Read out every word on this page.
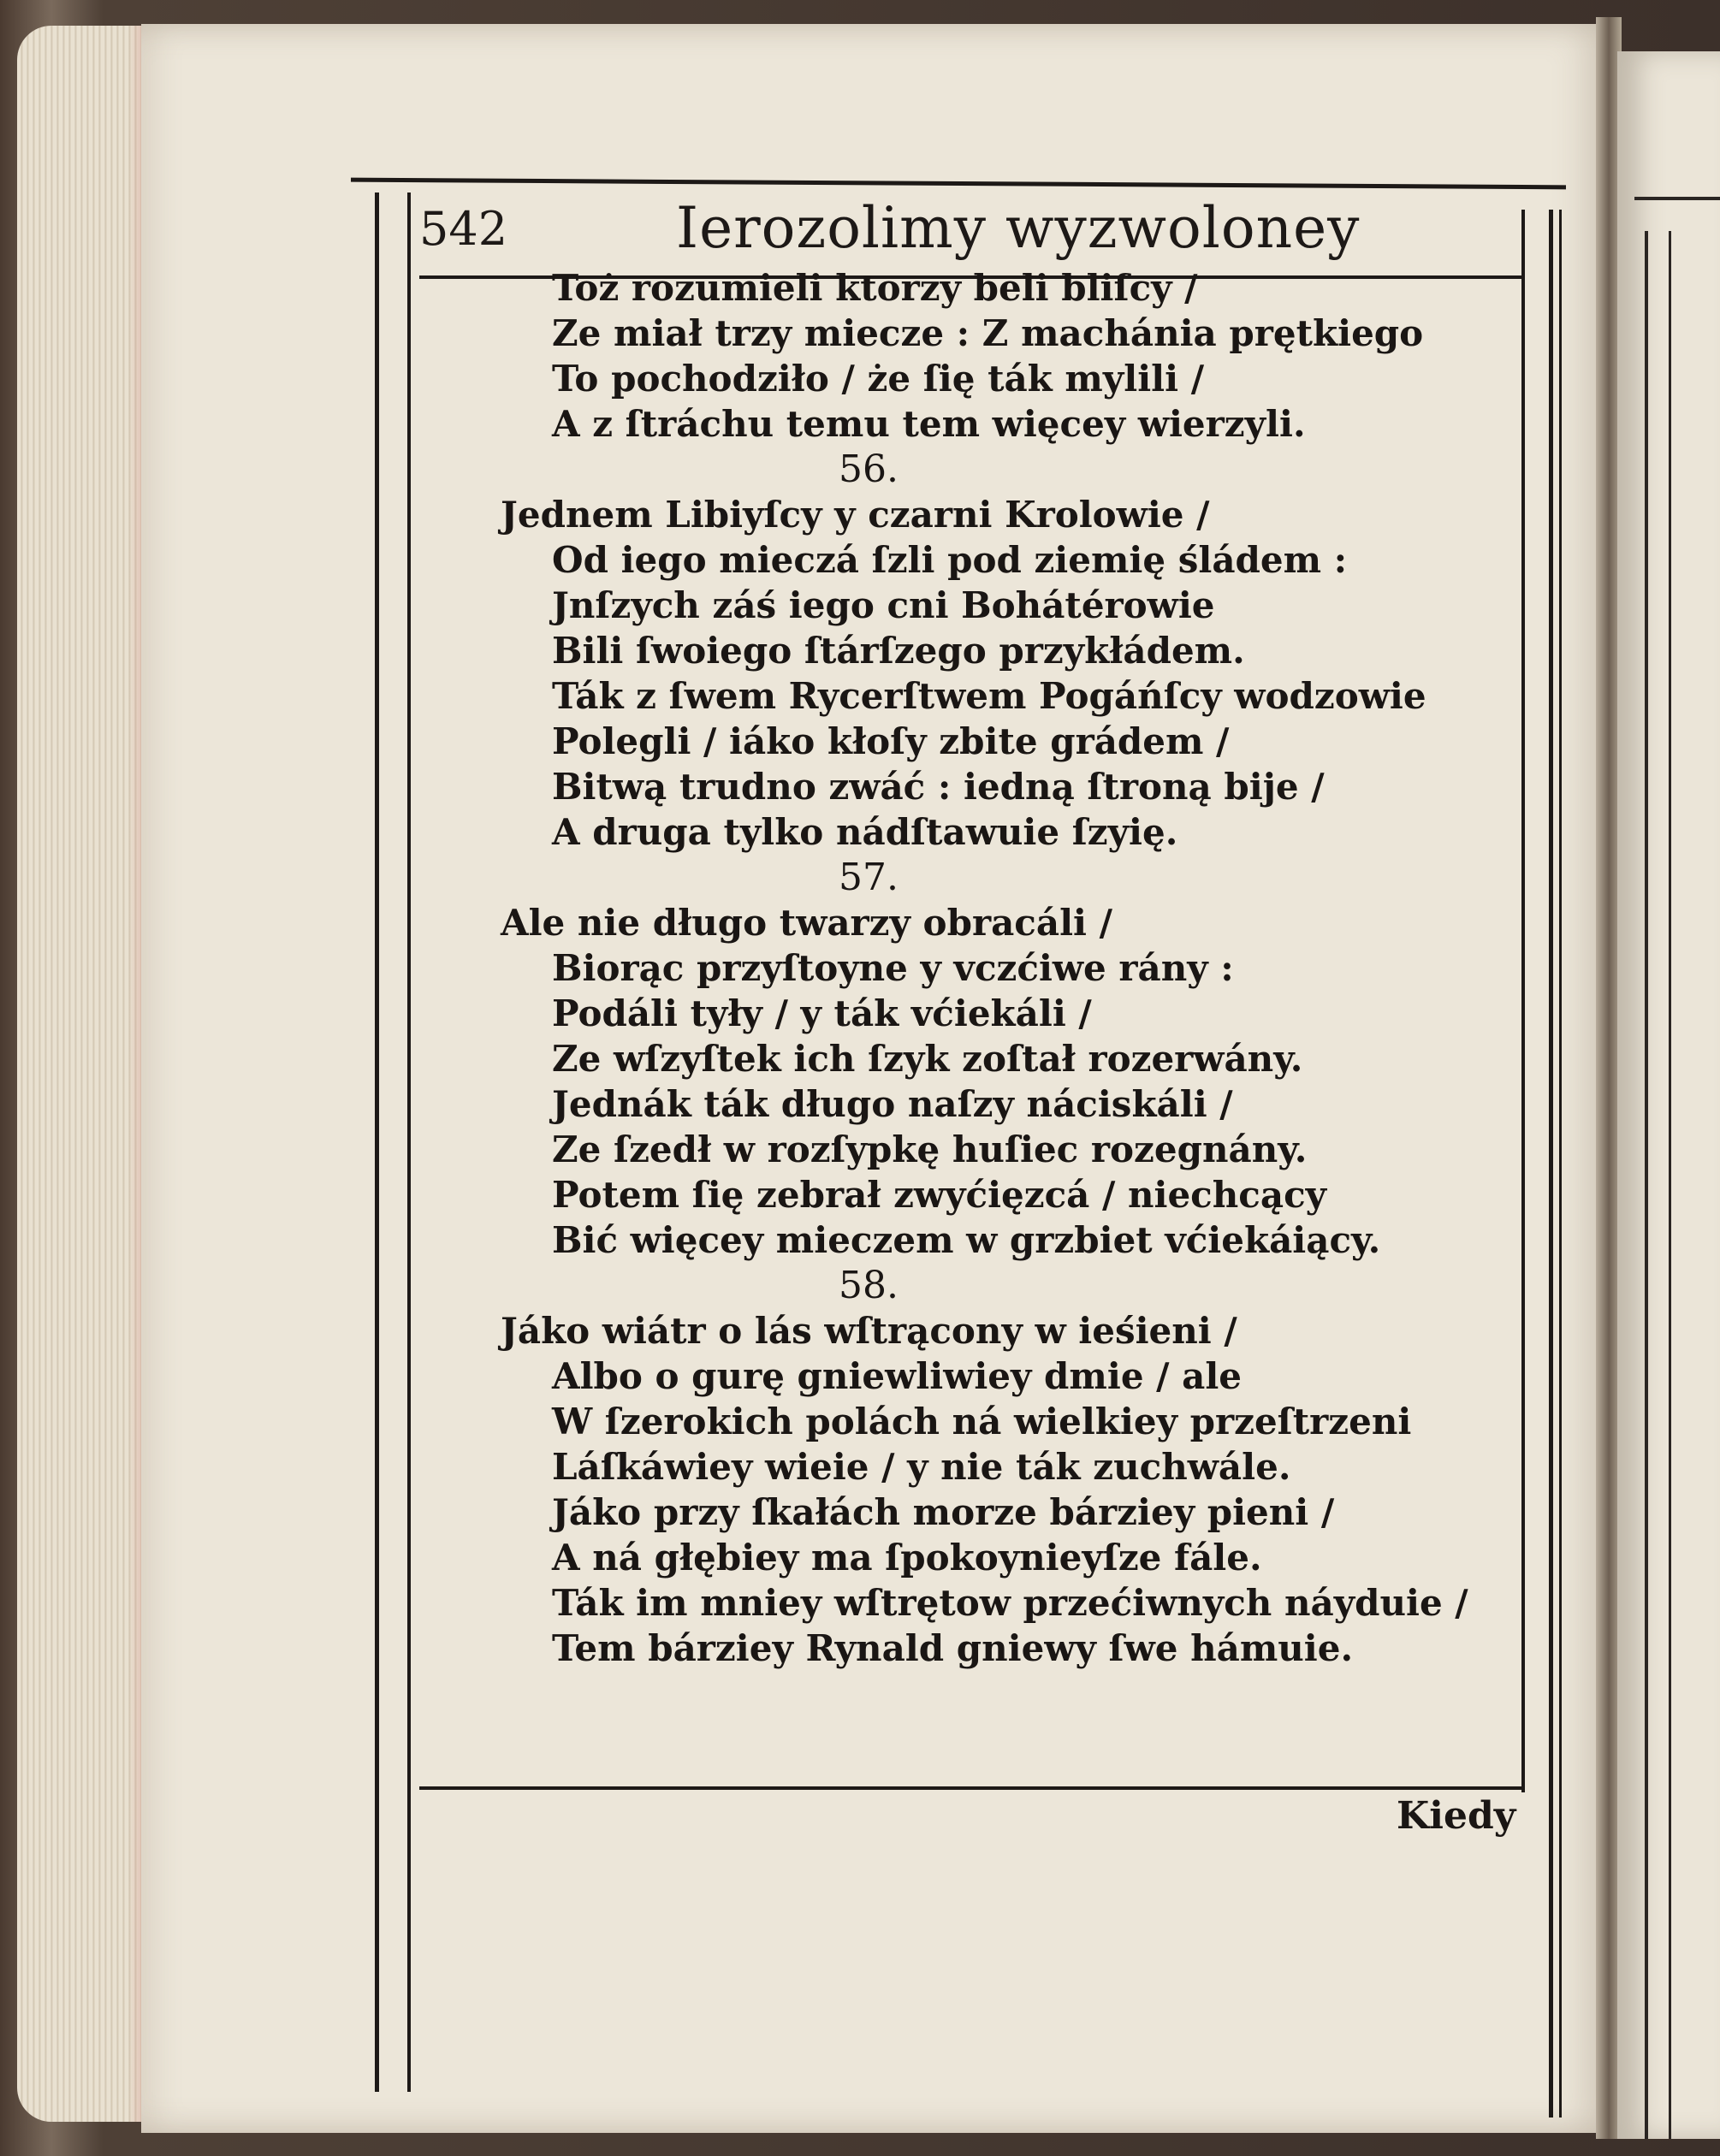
542	Ierozolimy wyzwoloney
Toż rozumieli ktorzy beli bliſcy /
Ze miał trzy miecze : Z machánia prętkiego
To pochodziło / że ſię ták mylili /
A z ſtráchu temu tem więcey wierzyli.
56.
Jednem Libiyſcy y czarni Krolowie /
Od iego mieczá ſzli pod ziemię śládem :
Jnſzych záś iego cni Bohátérowie
Bili ſwoiego ſtárſzego przykłádem.
Ták z ſwem Rycerſtwem Pogáńſcy wodzowie
Polegli / iáko kłoſy zbite grádem /
Bitwą trudno zwáć : iedną ſtroną bije /
A druga tylko nádſtawuie ſzyię.
57.
Ale nie długo twarzy obracáli /
Biorąc przyſtoyne y vczćiwe rány :
Podáli tyły / y ták vćiekáli /
Ze wſzyſtek ich ſzyk zoſtał rozerwány.
Jednák ták długo naſzy náciskáli /
Ze ſzedł w rozſypkę huſiec rozegnány.
Potem ſię zebrał zwyćięzcá / niechcący
Bić więcey mieczem w grzbiet vćiekáiący.
58.
Jáko wiátr o lás wſtrącony w ieśieni /
Albo o gurę gniewliwiey dmie / ale
W ſzerokich polách ná wielkiey przeſtrzeni
Láſkáwiey wieie / y nie ták zuchwále.
Jáko przy ſkałách morze bárziey pieni /
A ná głębiey ma ſpokoynieyſze fále.
Ták im mniey wſtrętow przećiwnych náyduie /
Tem bárziey Rynald gniewy ſwe hámuie.
Kiedy
